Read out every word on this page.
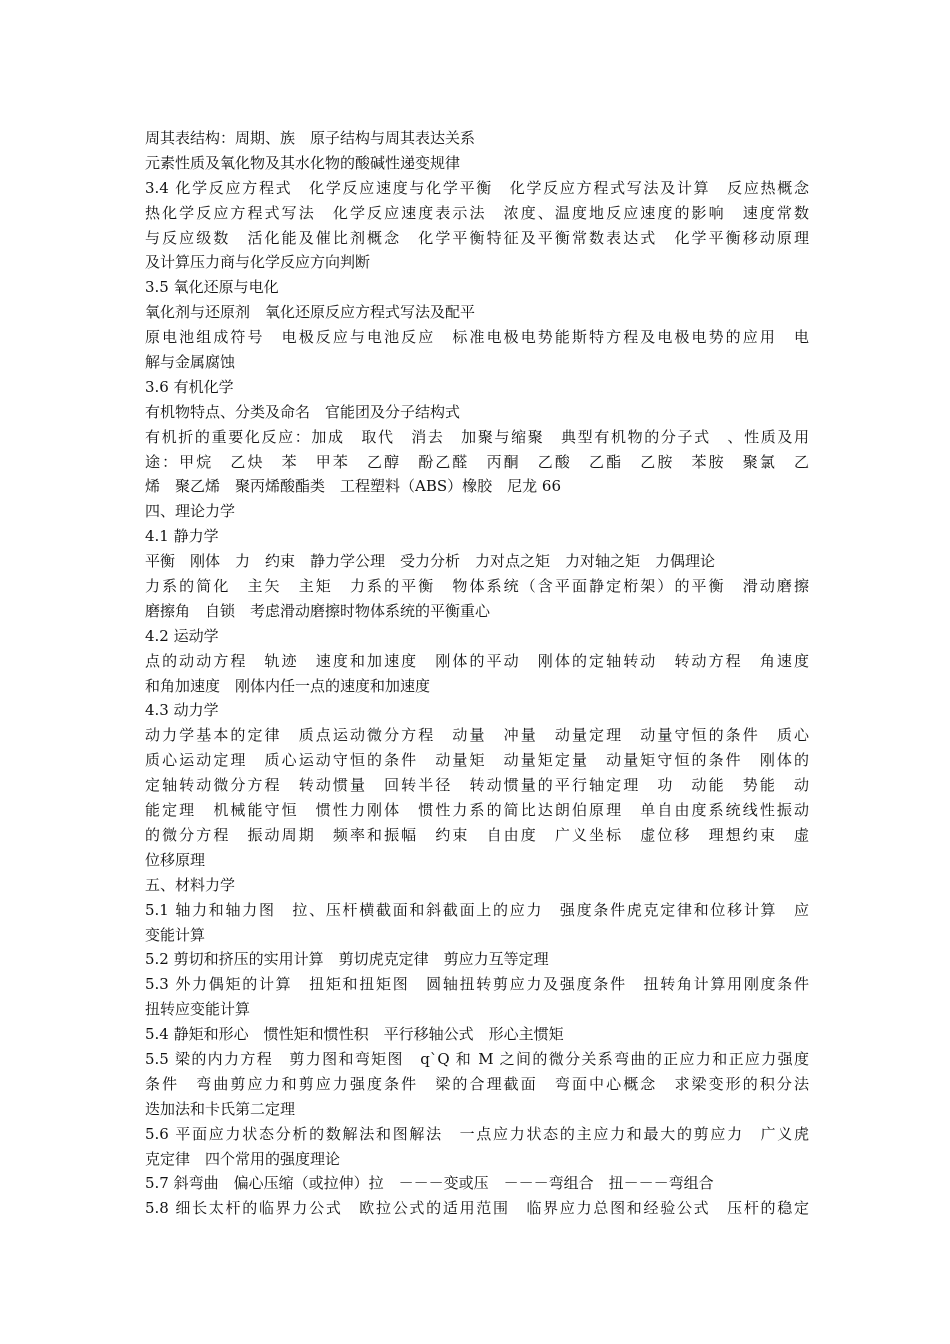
周其表结构：周期、族　原子结构与周其表达关系
元素性质及氧化物及其水化物的酸碱性递变规律
3.4 化学反应方程式　化学反应速度与化学平衡　化学反应方程式写法及计算　反应热概念
热化学反应方程式写法　化学反应速度表示法　浓度、温度地反应速度的影响　速度常数
与反应级数　活化能及催比剂概念　化学平衡特征及平衡常数表达式　化学平衡移动原理
及计算压力商与化学反应方向判断
3.5 氧化还原与电化
氧化剂与还原剂　氧化还原反应方程式写法及配平
原电池组成符号　电极反应与电池反应　标准电极电势能斯特方程及电极电势的应用　电
解与金属腐蚀
3.6 有机化学
有机物特点、分类及命名　官能团及分子结构式
有机折的重要化反应：加成　取代　消去　加聚与缩聚　典型有机物的分子式　、性质及用
途：甲烷　乙炔　苯　甲苯　乙醇　酚乙醛　丙酮　乙酸　乙酯　乙胺　苯胺　聚氯　乙
烯　聚乙烯　聚丙烯酸酯类　工程塑料（ABS）橡胶　尼龙 66
四、理论力学
4.1 静力学
平衡　刚体　力　约束　静力学公理　受力分析　力对点之矩　力对轴之矩　力偶理论
力系的简化　主矢　主矩　力系的平衡　物体系统（含平面静定桁架）的平衡　滑动磨擦
磨擦角　自锁　考虑滑动磨擦时物体系统的平衡重心
4.2 运动学
点的动动方程　轨迹　速度和加速度　刚体的平动　刚体的定轴转动　转动方程　角速度
和角加速度　刚体内任一点的速度和加速度
4.3 动力学
动力学基本的定律　质点运动微分方程　动量　冲量　动量定理　动量守恒的条件　质心
质心运动定理　质心运动守恒的条件　动量矩　动量矩定量　动量矩守恒的条件　刚体的
定轴转动微分方程　转动惯量　回转半径　转动惯量的平行轴定理　功　动能　势能　动
能定理　机械能守恒　惯性力刚体　惯性力系的简比达朗伯原理　单自由度系统线性振动
的微分方程　振动周期　频率和振幅　约束　自由度　广义坐标　虚位移　理想约束　虚
位移原理
五、材料力学
5.1 轴力和轴力图　拉、压杆横截面和斜截面上的应力　强度条件虎克定律和位移计算　应
变能计算
5.2 剪切和挤压的实用计算　剪切虎克定律　剪应力互等定理
5.3 外力偶矩的计算　扭矩和扭矩图　圆轴扭转剪应力及强度条件　扭转角计算用刚度条件
扭转应变能计算
5.4 静矩和形心　惯性矩和惯性积　平行移轴公式　形心主惯矩
5.5 梁的内力方程　剪力图和弯矩图　q`Q 和 M 之间的微分关系弯曲的正应力和正应力强度
条件　弯曲剪应力和剪应力强度条件　梁的合理截面　弯面中心概念　求梁变形的积分法
迭加法和卡氏第二定理
5.6 平面应力状态分析的数解法和图解法　一点应力状态的主应力和最大的剪应力　广义虎
克定律　四个常用的强度理论
5.7 斜弯曲　偏心压缩（或拉伸）拉　－－－变或压　－－－弯组合　扭－－－弯组合
5.8 细长太杆的临界力公式　欧拉公式的适用范围　临界应力总图和经验公式　压杆的稳定
